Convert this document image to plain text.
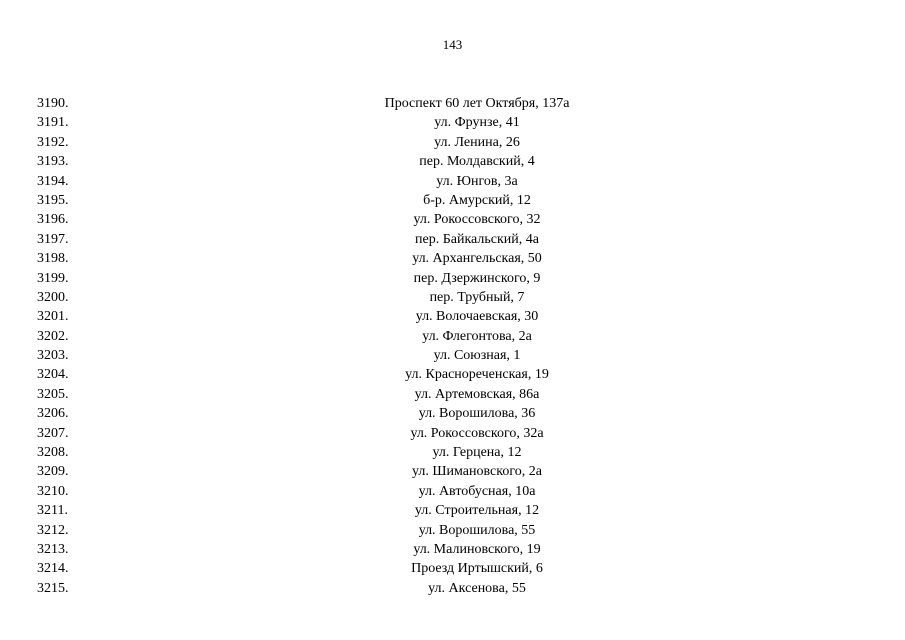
143
3190.	Проспект 60 лет Октября, 137а
3191.	ул. Фрунзе, 41
3192.	ул. Ленина, 26
3193.	пер. Молдавский, 4
3194.	ул. Юнгов, 3а
3195.	б-р. Амурский, 12
3196.	ул. Рокоссовского, 32
3197.	пер. Байкальский, 4а
3198.	ул. Архангельская, 50
3199.	пер. Дзержинского, 9
3200.	пер. Трубный, 7
3201.	ул. Волочаевская, 30
3202.	ул. Флегонтова, 2а
3203.	ул. Союзная, 1
3204.	ул. Краснореченская, 19
3205.	ул. Артемовская, 86а
3206.	ул. Ворошилова, 36
3207.	ул. Рокоссовского, 32а
3208.	ул. Герцена, 12
3209.	ул. Шимановского, 2а
3210.	ул. Автобусная, 10а
3211.	ул. Строительная, 12
3212.	ул. Ворошилова, 55
3213.	ул. Малиновского, 19
3214.	Проезд Иртышский, 6
3215.	ул. Аксенова, 55
